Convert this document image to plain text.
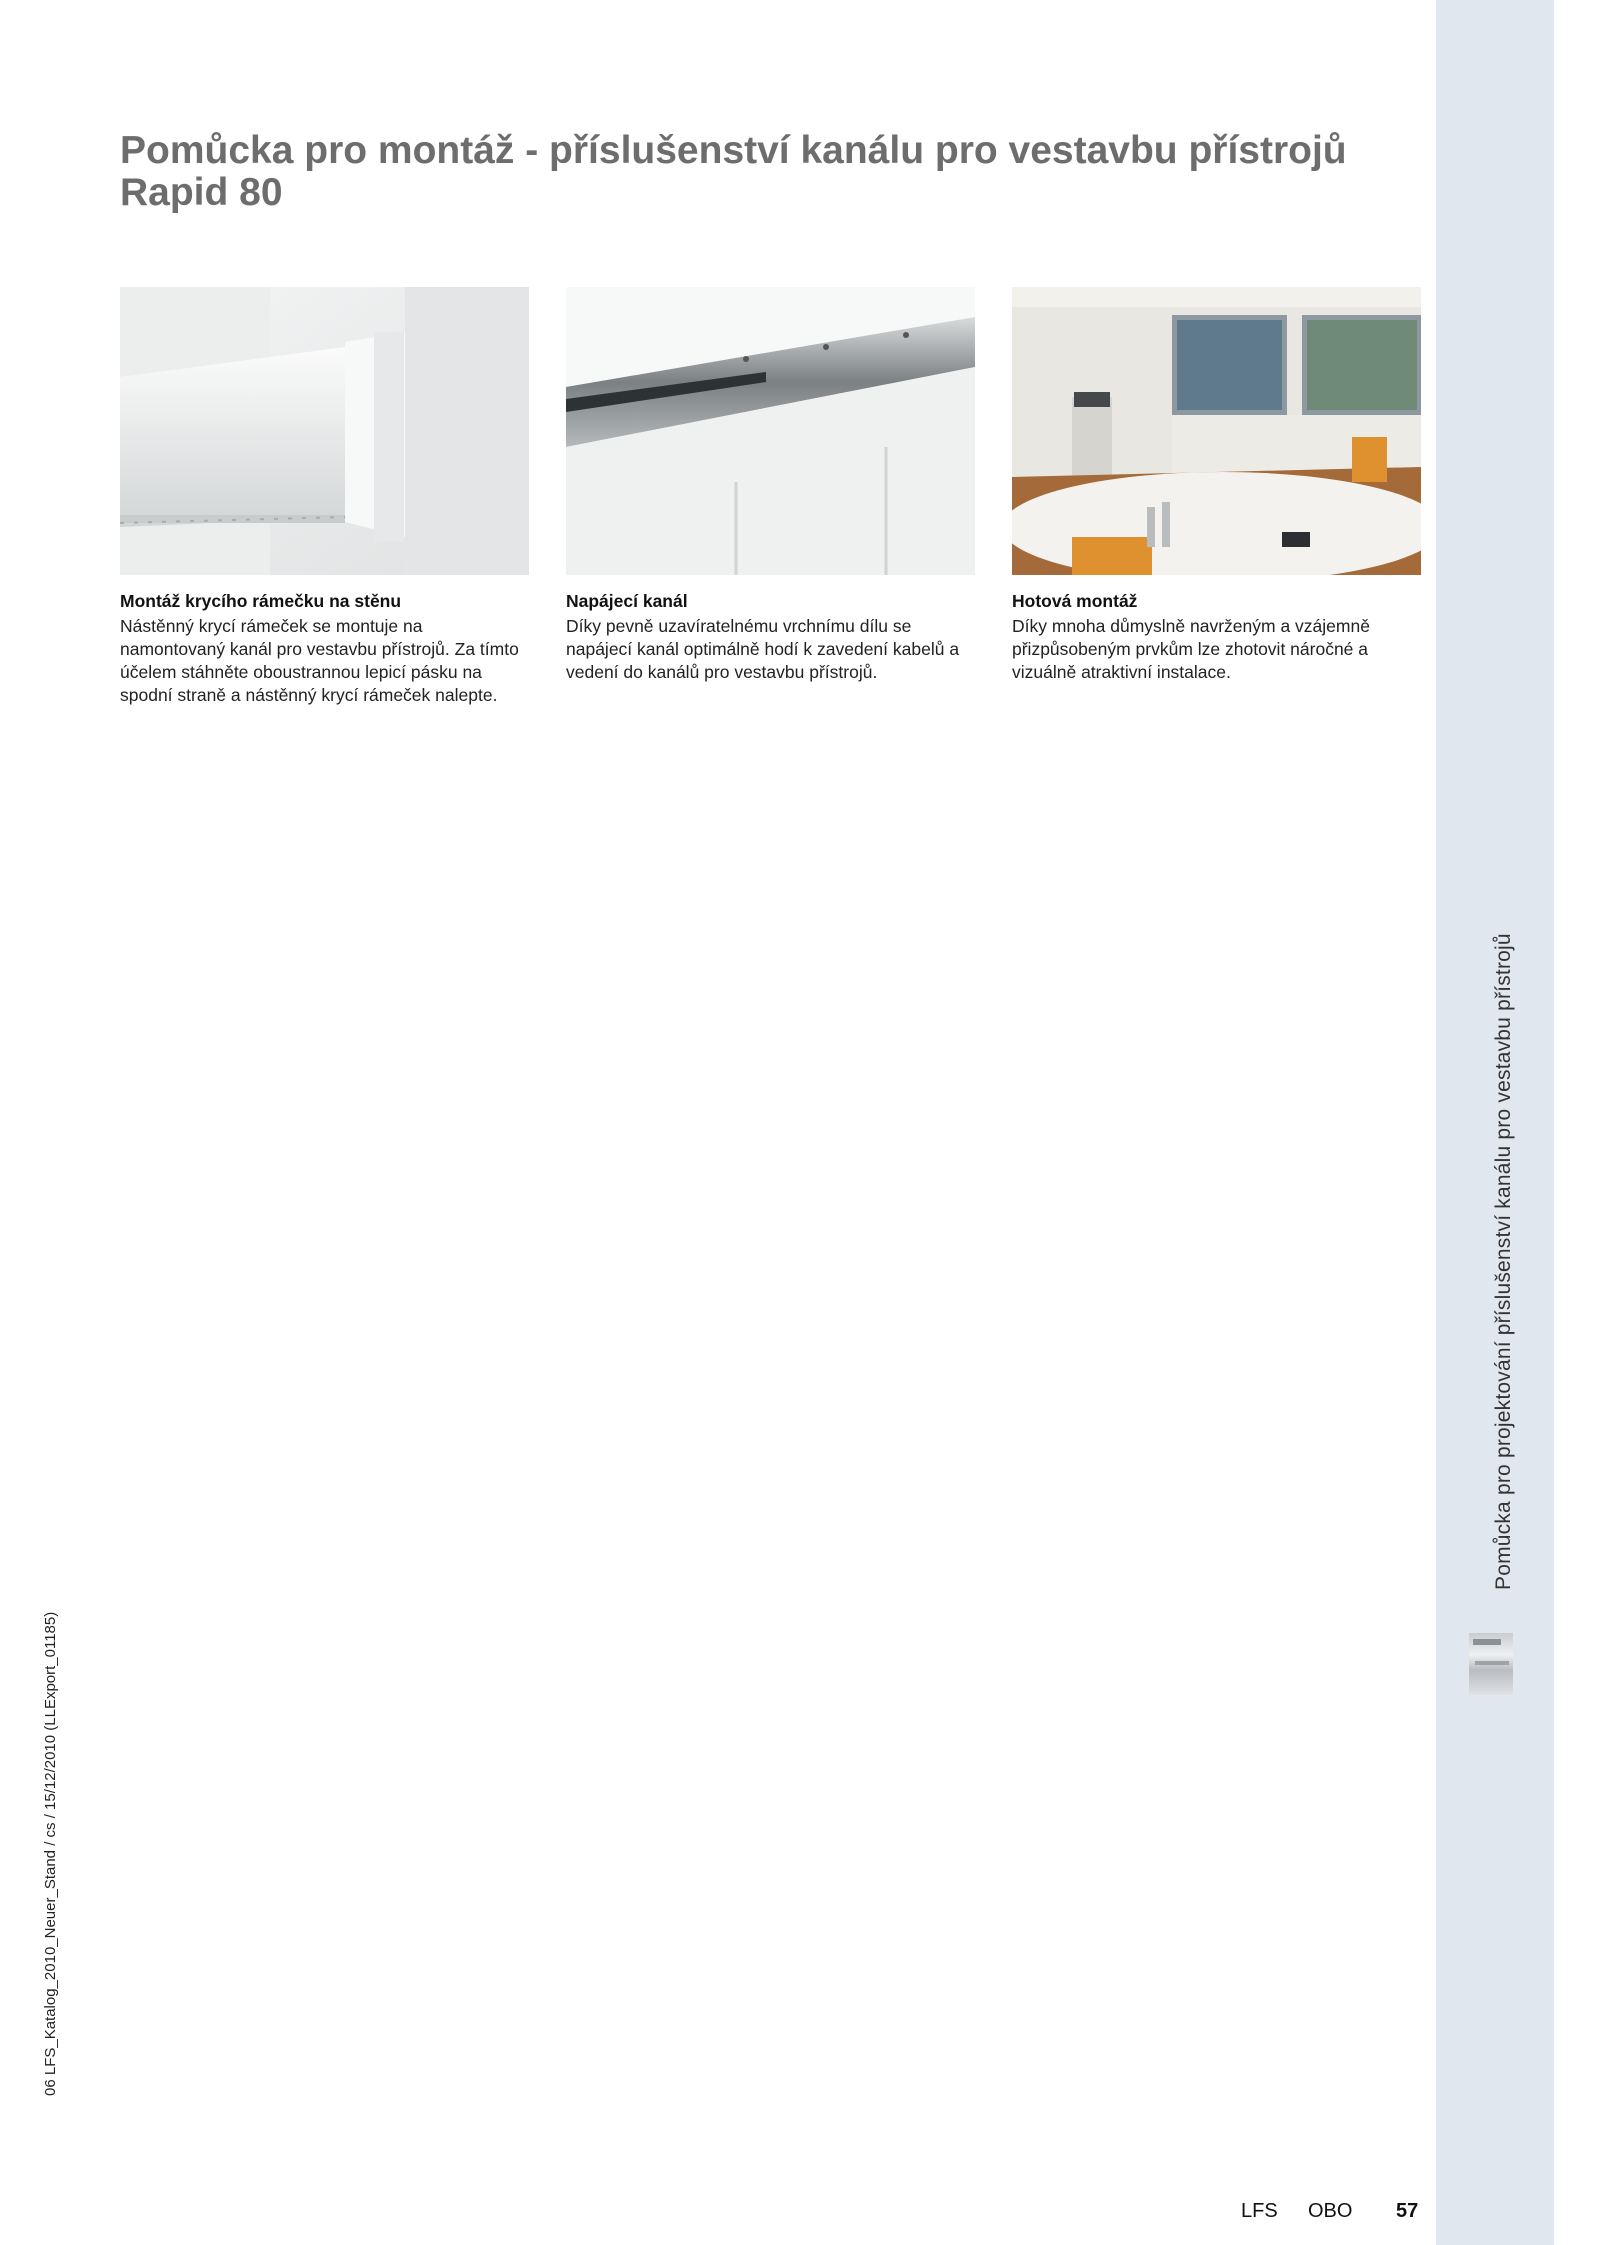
Pomůcka pro projektování příslušenství kanálu pro vestavbu přístrojů
Pomůcka pro montáž - příslušenství kanálu pro vestavbu přístrojů Rapid 80
Montáž krycího rámečku na stěnu
Nástěnný krycí rámeček se montuje na namontovaný kanál pro vestavbu přístrojů. Za tímto účelem stáhněte oboustrannou lepicí pásku na spodní straně a nástěnný krycí rámeček nalepte.
Napájecí kanál
Díky pevně uzavíratelnému vrchnímu dílu se napájecí kanál optimálně hodí k zavedení kabelů a vedení do kanálů pro vestavbu přístrojů.
Hotová montáž
Díky mnoha důmyslně navrženým a vzájemně přizpůsobeným prvkům lze zhotovit náročné a vizuálně atraktivní instalace.
06 LFS_Katalog_2010_Neuer_Stand / cs / 15/12/2010 (LLExport_01185)
LFS OBO 57
